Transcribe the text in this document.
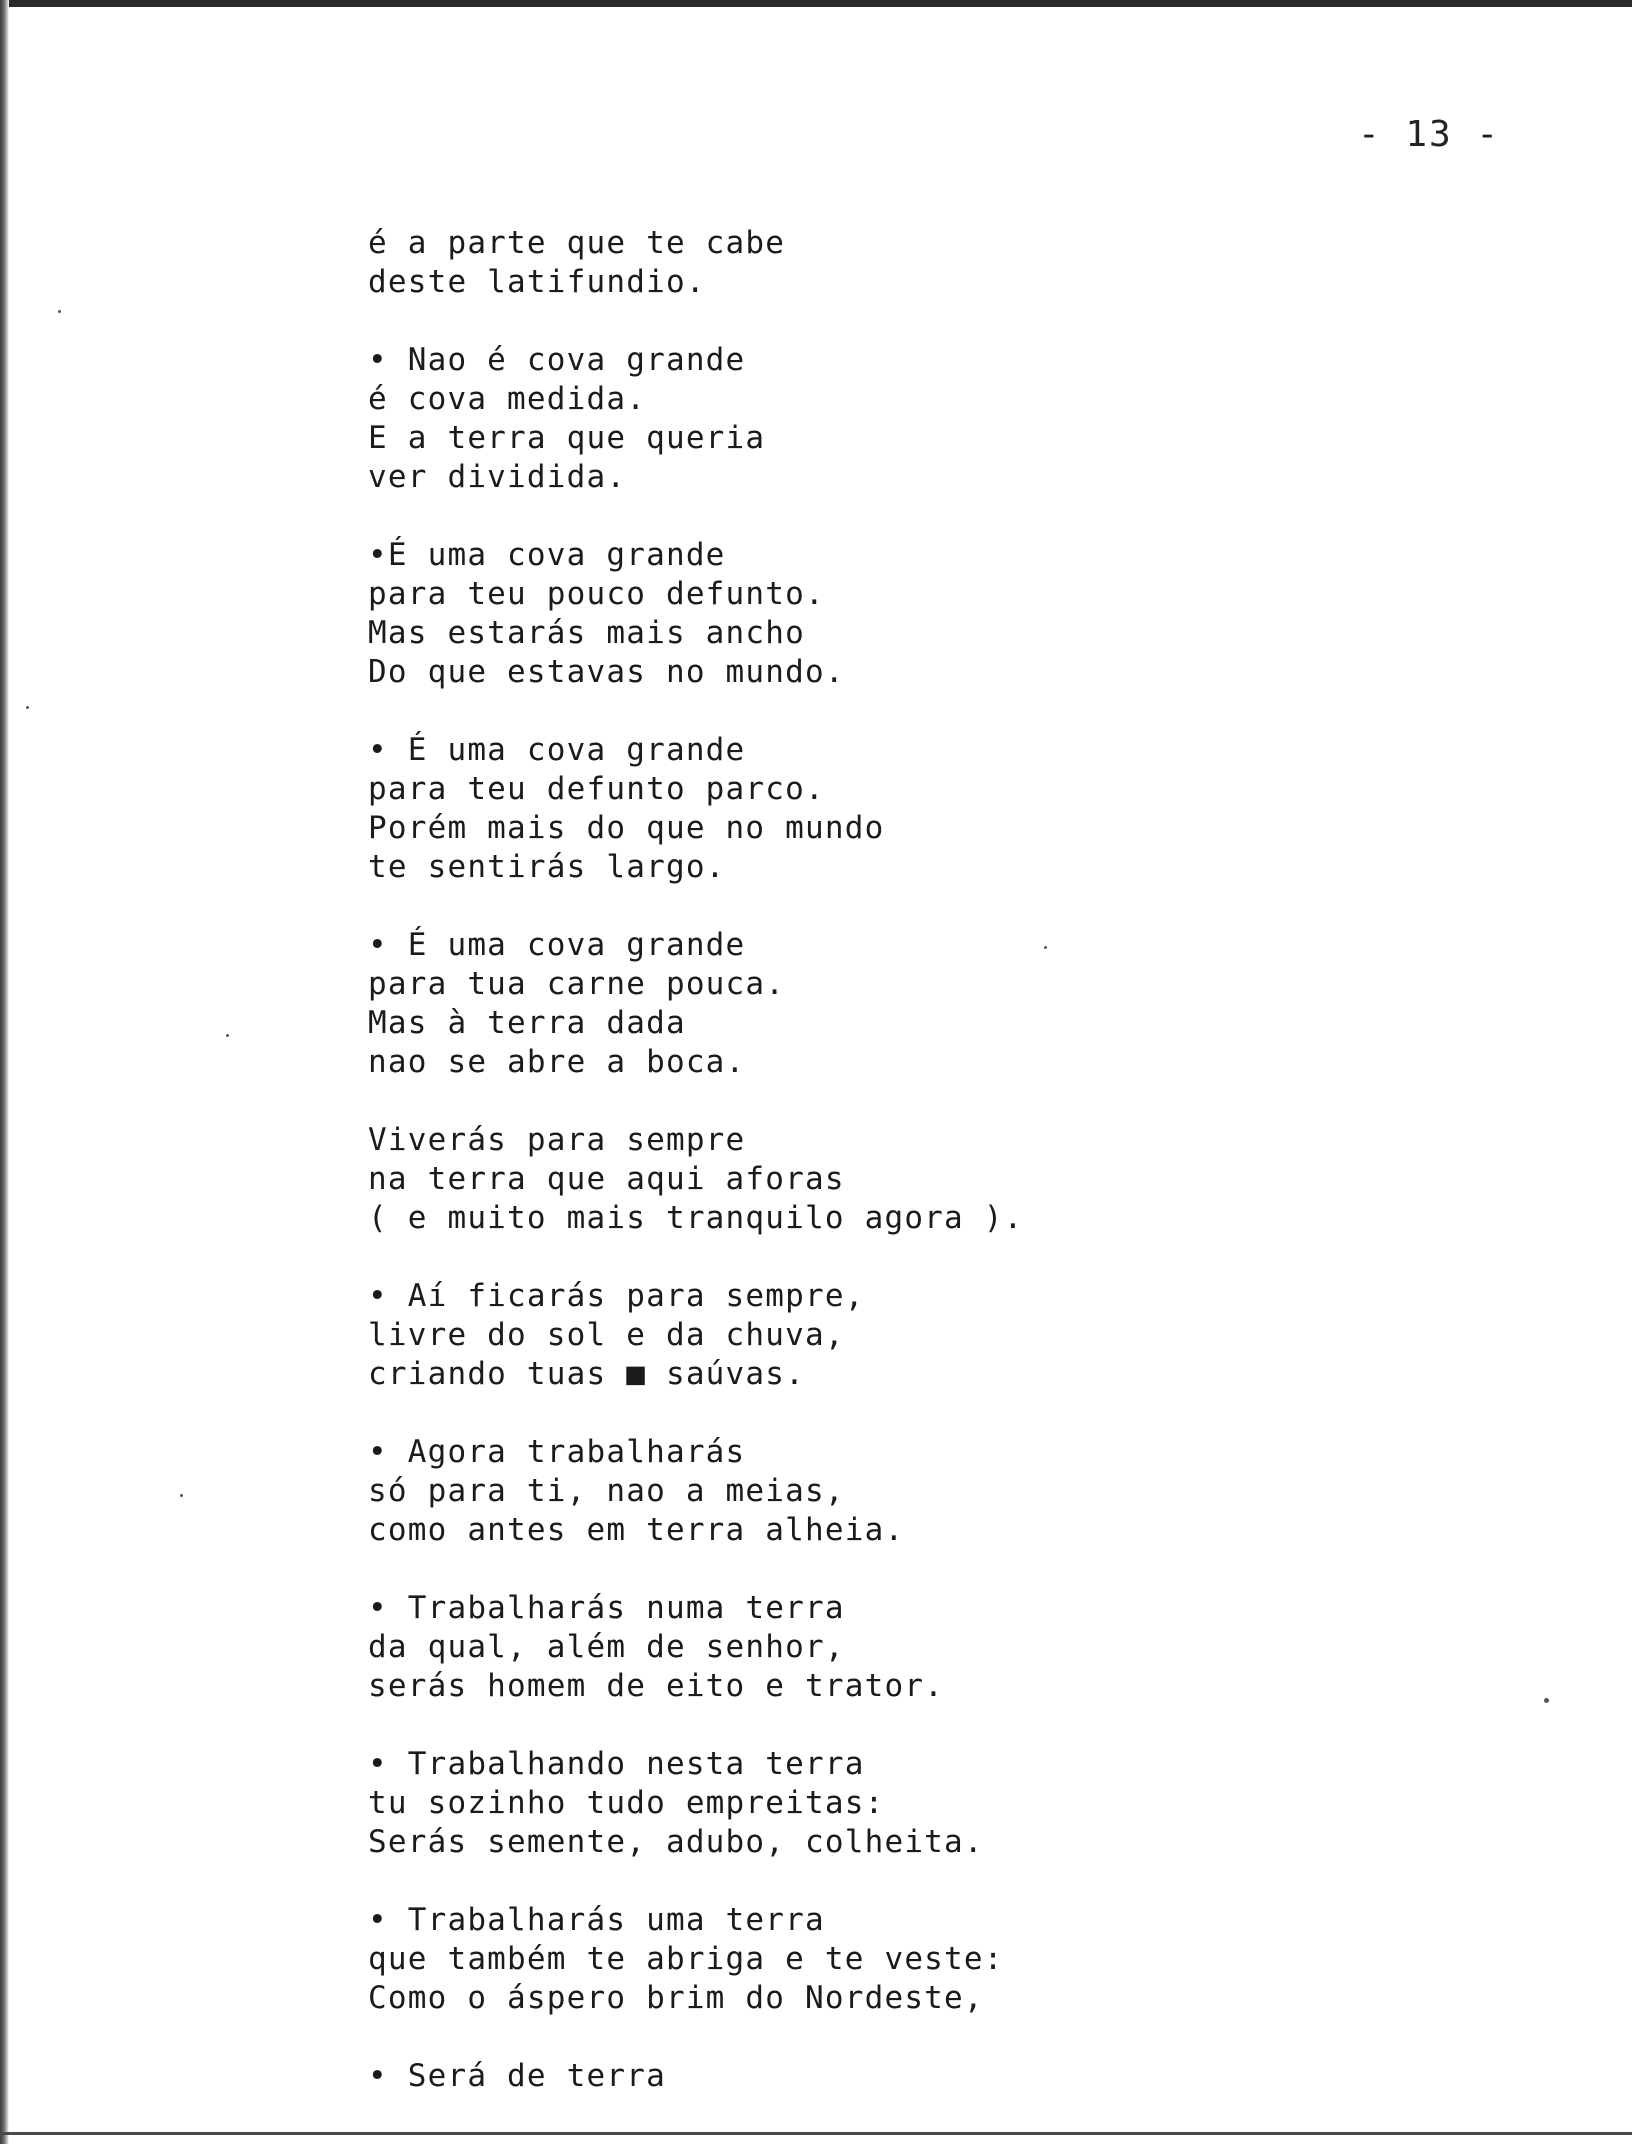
- 13 -
é a parte que te cabe
deste latifundio.
• Nao é cova grande
é cova medida.
E a terra que queria
ver dividida.
•É uma cova grande
para teu pouco defunto.
Mas estarás mais ancho
Do que estavas no mundo.
• É uma cova grande
para teu defunto parco.
Porém mais do que no mundo
te sentirás largo.
• É uma cova grande
para tua carne pouca.
Mas à terra dada
nao se abre a boca.
Viverás para sempre
na terra que aqui aforas
( e muito mais tranquilo agora ).
• Aí ficarás para sempre,
livre do sol e da chuva,
criando tuas ■ saúvas.
• Agora trabalharás
só para ti, nao a meias,
como antes em terra alheia.
• Trabalharás numa terra
da qual, além de senhor,
serás homem de eito e trator.
• Trabalhando nesta terra
tu sozinho tudo empreitas:
Serás semente, adubo, colheita.
• Trabalharás uma terra
que também te abriga e te veste:
Como o áspero brim do Nordeste,
• Será de terra
